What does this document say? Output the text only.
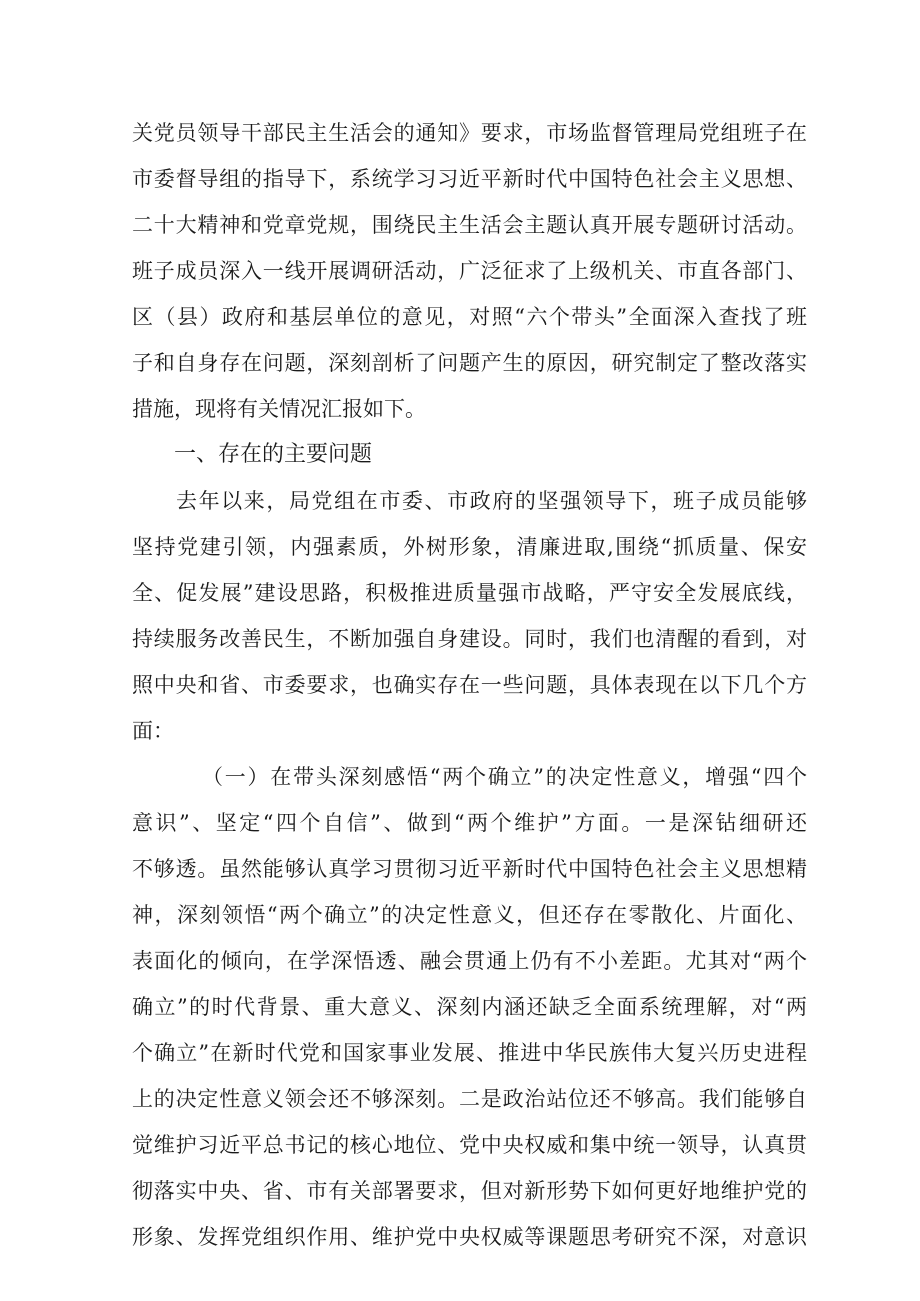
关党员领导干部民主生活会的通知》要求，市场监督管理局党组班子在
市委督导组的指导下，系统学习习近平新时代中国特色社会主义思想、
二十大精神和党章党规，围绕民主生活会主题认真开展专题研讨活动。
班子成员深入一线开展调研活动，广泛征求了上级机关、市直各部门、
区（县）政府和基层单位的意见，对照“六个带头”全面深入查找了班
子和自身存在问题，深刻剖析了问题产生的原因，研究制定了整改落实
措施，现将有关情况汇报如下。
一、存在的主要问题
去年以来，局党组在市委、市政府的坚强领导下，班子成员能够
坚持党建引领，内强素质，外树形象，清廉进取,围绕“抓质量、保安
全、促发展”建设思路，积极推进质量强市战略，严守安全发展底线，
持续服务改善民生，不断加强自身建设。同时，我们也清醒的看到，对
照中央和省、市委要求，也确实存在一些问题，具体表现在以下几个方
面：
（一）在带头深刻感悟“两个确立”的决定性意义，增强“四个
意识”、坚定“四个自信”、做到“两个维护”方面。一是深钻细研还
不够透。虽然能够认真学习贯彻习近平新时代中国特色社会主义思想精
神，深刻领悟“两个确立”的决定性意义，但还存在零散化、片面化、
表面化的倾向，在学深悟透、融会贯通上仍有不小差距。尤其对“两个
确立”的时代背景、重大意义、深刻内涵还缺乏全面系统理解，对“两
个确立”在新时代党和国家事业发展、推进中华民族伟大复兴历史进程
上的决定性意义领会还不够深刻。二是政治站位还不够高。我们能够自
觉维护习近平总书记的核心地位、党中央权威和集中统一领导，认真贯
彻落实中央、省、市有关部署要求，但对新形势下如何更好地维护党的
形象、发挥党组织作用、维护党中央权威等课题思考研究不深，对意识
